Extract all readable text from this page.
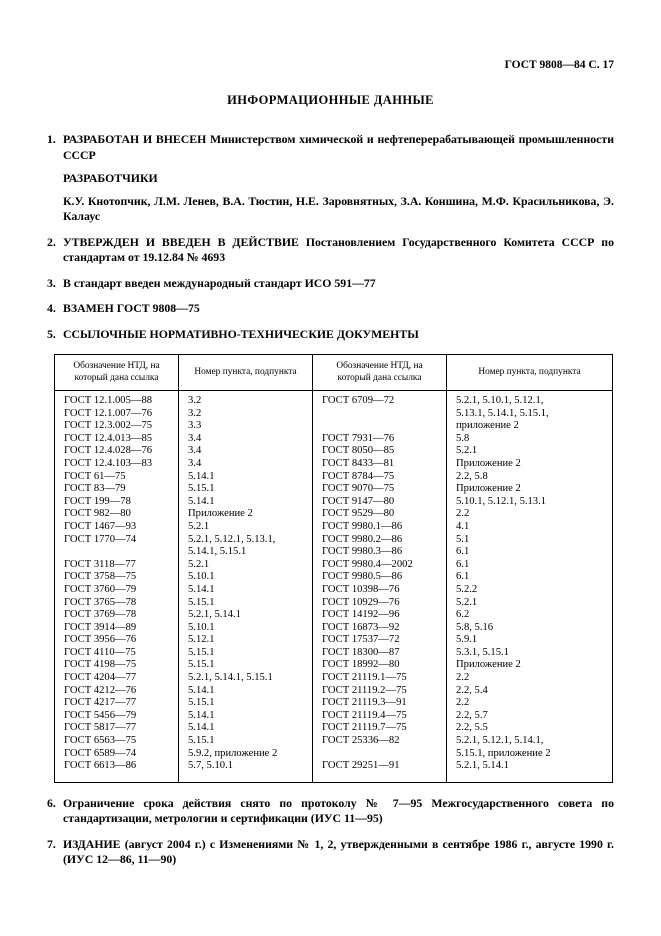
ГОСТ 9808—84 С. 17
ИНФОРМАЦИОННЫЕ ДАННЫЕ
1. РАЗРАБОТАН И ВНЕСЕН Министерством химической и нефтеперерабатывающей промышленности СССР
РАЗРАБОТЧИКИ
К.У. Кнотопчик, Л.М. Ленев, В.А. Тюстин, Н.Е. Заровнятных, З.А. Коншина, М.Ф. Красильникова, Э. Калаус
2. УТВЕРЖДЕН И ВВЕДЕН В ДЕЙСТВИЕ Постановлением Государственного Комитета СССР по стандартам от 19.12.84 № 4693
3. В стандарт введен международный стандарт ИСО 591—77
4. ВЗАМЕН ГОСТ 9808—75
5. ССЫЛОЧНЫЕ НОРМАТИВНО-ТЕХНИЧЕСКИЕ ДОКУМЕНТЫ
Обозначение НТД, на который дана ссылка	Номер пункта, подпункта	Обозначение НТД, на который дана ссылка	Номер пункта, подпункта
ГОСТ 12.1.005—88	3.2	ГОСТ 6709—72	5.2.1, 5.10.1, 5.12.1,
ГОСТ 12.1.007—76	3.2		5.13.1, 5.14.1, 5.15.1,
ГОСТ 12.3.002—75	3.3		приложение 2
ГОСТ 12.4.013—85	3.4	ГОСТ 7931—76	5.8
ГОСТ 12.4.028—76	3.4	ГОСТ 8050—85	5.2.1
ГОСТ 12.4.103—83	3.4	ГОСТ 8433—81	Приложение 2
ГОСТ 61—75	5.14.1	ГОСТ 8784—75	2.2, 5.8
ГОСТ 83—79	5.15.1	ГОСТ 9070—75	Приложение 2
ГОСТ 199—78	5.14.1	ГОСТ 9147—80	5.10.1, 5.12.1, 5.13.1
ГОСТ 982—80	Приложение 2	ГОСТ 9529—80	2.2
ГОСТ 1467—93	5.2.1	ГОСТ 9980.1—86	4.1
ГОСТ 1770—74	5.2.1, 5.12.1, 5.13.1,	ГОСТ 9980.2—86	5.1
	5.14.1, 5.15.1	ГОСТ 9980.3—86	6.1
ГОСТ 3118—77	5.2.1	ГОСТ 9980.4—2002	6.1
ГОСТ 3758—75	5.10.1	ГОСТ 9980.5—86	6.1
ГОСТ 3760—79	5.14.1	ГОСТ 10398—76	5.2.2
ГОСТ 3765—78	5.15.1	ГОСТ 10929—76	5.2.1
ГОСТ 3769—78	5.2.1, 5.14.1	ГОСТ 14192—96	6.2
ГОСТ 3914—89	5.10.1	ГОСТ 16873—92	5.8, 5.16
ГОСТ 3956—76	5.12.1	ГОСТ 17537—72	5.9.1
ГОСТ 4110—75	5.15.1	ГОСТ 18300—87	5.3.1, 5.15.1
ГОСТ 4198—75	5.15.1	ГОСТ 18992—80	Приложение 2
ГОСТ 4204—77	5.2.1, 5.14.1, 5.15.1	ГОСТ 21119.1—75	2.2
ГОСТ 4212—76	5.14.1	ГОСТ 21119.2—75	2.2, 5.4
ГОСТ 4217—77	5.15.1	ГОСТ 21119.3—91	2.2
ГОСТ 5456—79	5.14.1	ГОСТ 21119.4—75	2.2, 5.7
ГОСТ 5817—77	5.14.1	ГОСТ 21119.7—75	2.2, 5.5
ГОСТ 6563—75	5.15.1	ГОСТ 25336—82	5.2.1, 5.12.1, 5.14.1,
ГОСТ 6589—74	5.9.2, приложение 2		5.15.1, приложение 2
ГОСТ 6613—86	5.7, 5.10.1	ГОСТ 29251—91	5.2.1, 5.14.1
6. Ограничение срока действия снято по протоколу № 7—95 Межгосударственного совета по стандартизации, метрологии и сертификации (ИУС 11—95)
7. ИЗДАНИЕ (август 2004 г.) с Изменениями № 1, 2, утвержденными в сентябре 1986 г., августе 1990 г. (ИУС 12—86, 11—90)
